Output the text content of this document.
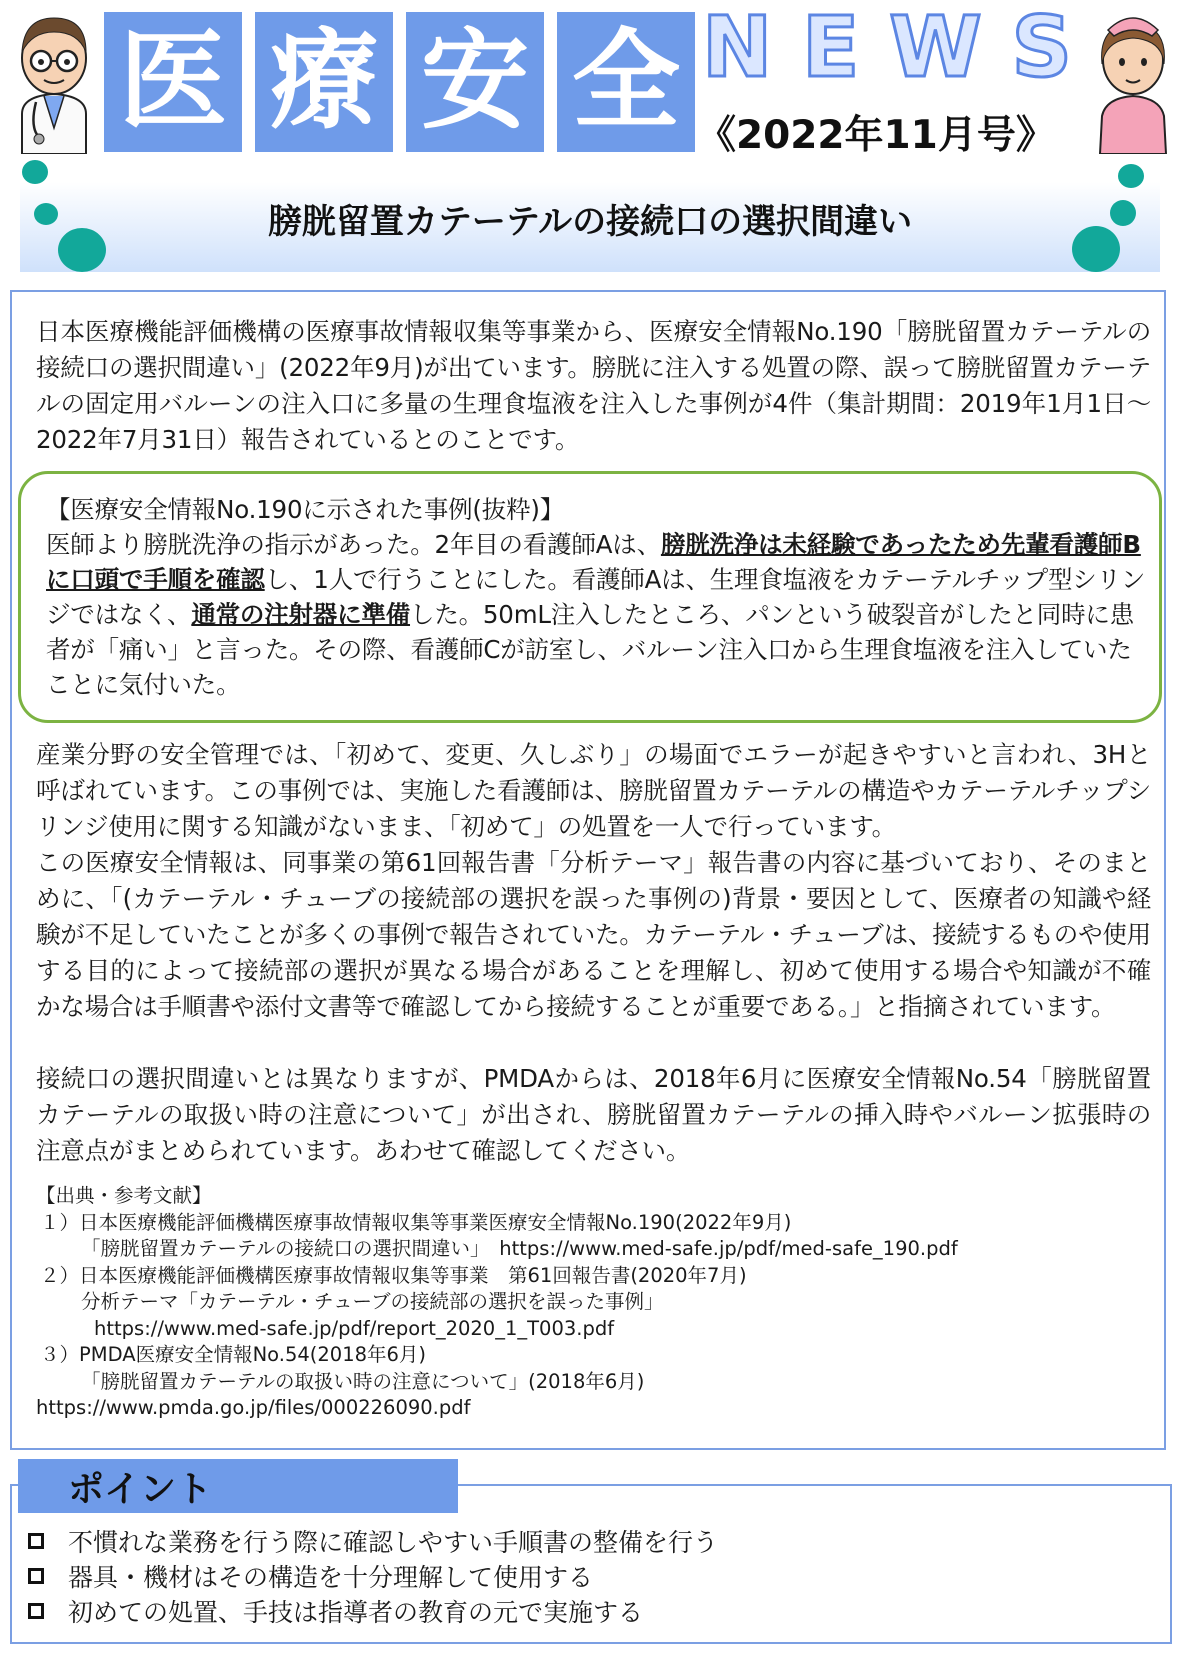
医 療 安 全 N E W S
《2022年11月号》
膀胱留置カテーテルの接続口の選択間違い

日本医療機能評価機構の医療事故情報収集等事業から、医療安全情報No.190「膀胱留置カテーテルの接続口の選択間違い」(2022年9月)が出ています。膀胱に注入する処置の際、誤って膀胱留置カテーテルの固定用バルーンの注入口に多量の生理食塩液を注入した事例が4件（集計期間：2019年1月1日～2022年7月31日）報告されているとのことです。

【医療安全情報No.190に示された事例(抜粋)】
医師より膀胱洗浄の指示があった。2年目の看護師Aは、膀胱洗浄は未経験であったため先輩看護師Bに口頭で手順を確認し、1人で行うことにした。看護師Aは、生理食塩液をカテーテルチップ型シリンジではなく、通常の注射器に準備した。50mL注入したところ、パンという破裂音がしたと同時に患者が「痛い」と言った。その際、看護師Cが訪室し、バルーン注入口から生理食塩液を注入していたことに気付いた。

産業分野の安全管理では、「初めて、変更、久しぶり」の場面でエラーが起きやすいと言われ、3Hと呼ばれています。この事例では、実施した看護師は、膀胱留置カテーテルの構造やカテーテルチップシリンジ使用に関する知識がないまま、「初めて」の処置を一人で行っています。

この医療安全情報は、同事業の第61回報告書「分析テーマ」報告書の内容に基づいており、そのまとめに、「(カテーテル・チューブの接続部の選択を誤った事例の)背景・要因として、医療者の知識や経験が不足していたことが多くの事例で報告されていた。カテーテル・チューブは、接続するものや使用する目的によって接続部の選択が異なる場合があることを理解し、初めて使用する場合や知識が不確かな場合は手順書や添付文書等で確認してから接続することが重要である。」と指摘されています。

接続口の選択間違いとは異なりますが、PMDAからは、2018年6月に医療安全情報No.54「膀胱留置カテーテルの取扱い時の注意について」が出され、膀胱留置カテーテルの挿入時やバルーン拡張時の注意点がまとめられています。あわせて確認してください。

【出典・参考文献】
１）日本医療機能評価機構医療事故情報収集等事業医療安全情報No.190(2022年9月)
「膀胱留置カテーテルの接続口の選択間違い」　https://www.med-safe.jp/pdf/med-safe_190.pdf
２）日本医療機能評価機構医療事故情報収集等事業　第61回報告書(2020年7月)
分析テーマ「カテーテル・チューブの接続部の選択を誤った事例」
https://www.med-safe.jp/pdf/report_2020_1_T003.pdf
３）PMDA医療安全情報No.54(2018年6月)
「膀胱留置カテーテルの取扱い時の注意について」(2018年6月)
https://www.pmda.go.jp/files/000226090.pdf
ポイント
不慣れな業務を行う際に確認しやすい手順書の整備を行う
器具・機材はその構造を十分理解して使用する
初めての処置、手技は指導者の教育の元で実施する
